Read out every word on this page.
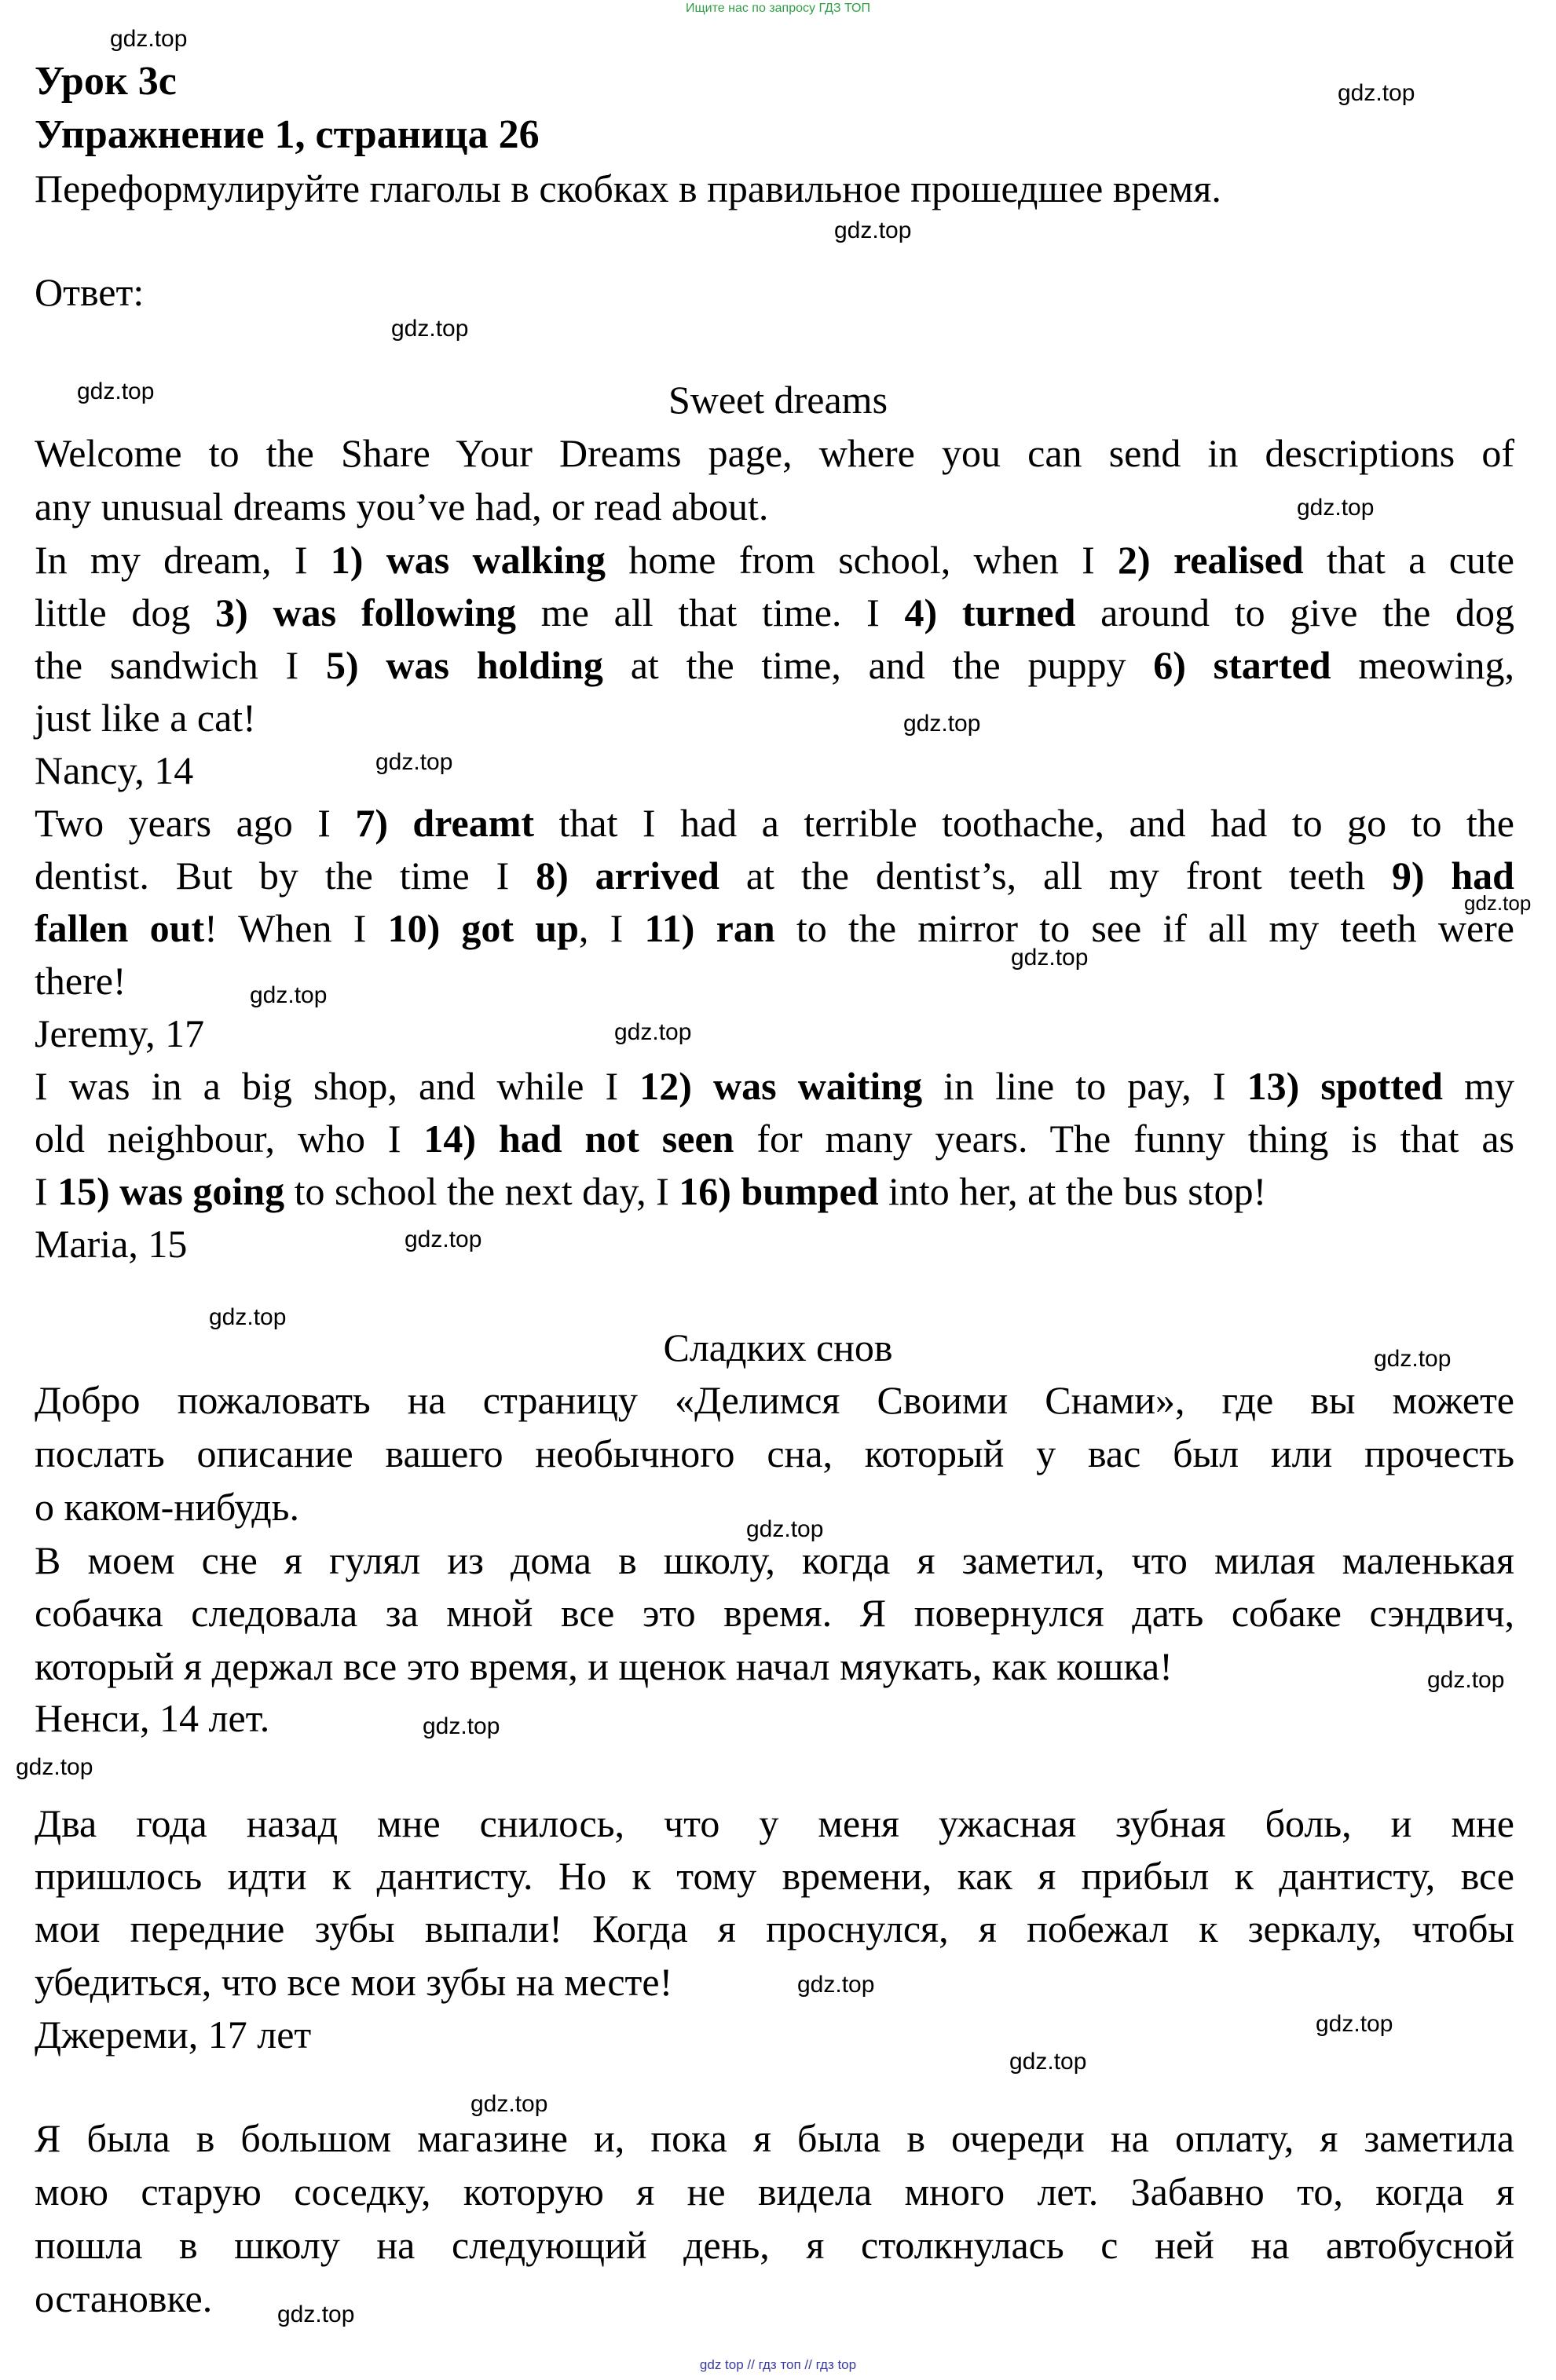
Ищите нас по запросу ГДЗ ТОП
gdz top // гдз топ // гдз top
gdz.top
gdz.top
gdz.top
gdz.top
gdz.top
gdz.top
gdz.top
gdz.top
gdz.top
gdz.top
gdz.top
gdz.top
gdz.top
gdz.top
gdz.top
gdz.top
gdz.top
gdz.top
gdz.top
gdz.top
gdz.top
gdz.top
gdz.top
gdz.top
Урок 3с
Упражнение 1, страница 26
Переформулируйте глаголы в скобках в правильное прошедшее время.
Ответ:
Sweet dreams
Welcome to the Share Your Dreams page, where you can send in descriptions of
any unusual dreams you’ve had, or read about.
In my dream, I 1) was walking home from school, when I 2) realised that a cute
little dog 3) was following me all that time. I 4) turned around to give the dog
the sandwich I 5) was holding at the time, and the puppy 6) started meowing,
just like a cat!
Nancy, 14
Two years ago I 7) dreamt that I had a terrible toothache, and had to go to the
dentist. But by the time I 8) arrived at the dentist’s, all my front teeth 9) had
fallen out! When I 10) got up, I 11) ran to the mirror to see if all my teeth were
there!
Jeremy, 17
I was in a big shop, and while I 12) was waiting in line to pay, I 13) spotted my
old neighbour, who I 14) had not seen for many years. The funny thing is that as
I 15) was going to school the next day, I 16) bumped into her, at the bus stop!
Maria, 15
Сладких снов
Добро пожаловать на страницу «Делимся Своими Снами», где вы можете
послать описание вашего необычного сна, который у вас был или прочесть
о каком-нибудь.
В моем сне я гулял из дома в школу, когда я заметил, что милая маленькая
собачка следовала за мной все это время. Я повернулся дать собаке сэндвич,
который я держал все это время, и щенок начал мяукать, как кошка!
Ненси, 14 лет.
Два года назад мне снилось, что у меня ужасная зубная боль, и мне
пришлось идти к дантисту. Но к тому времени, как я прибыл к дантисту, все
мои передние зубы выпали! Когда я проснулся, я побежал к зеркалу, чтобы
убедиться, что все мои зубы на месте!
Джереми, 17 лет
Я была в большом магазине и, пока я была в очереди на оплату, я заметила
мою старую соседку, которую я не видела много лет. Забавно то, когда я
пошла в школу на следующий день, я столкнулась с ней на автобусной
остановке.
